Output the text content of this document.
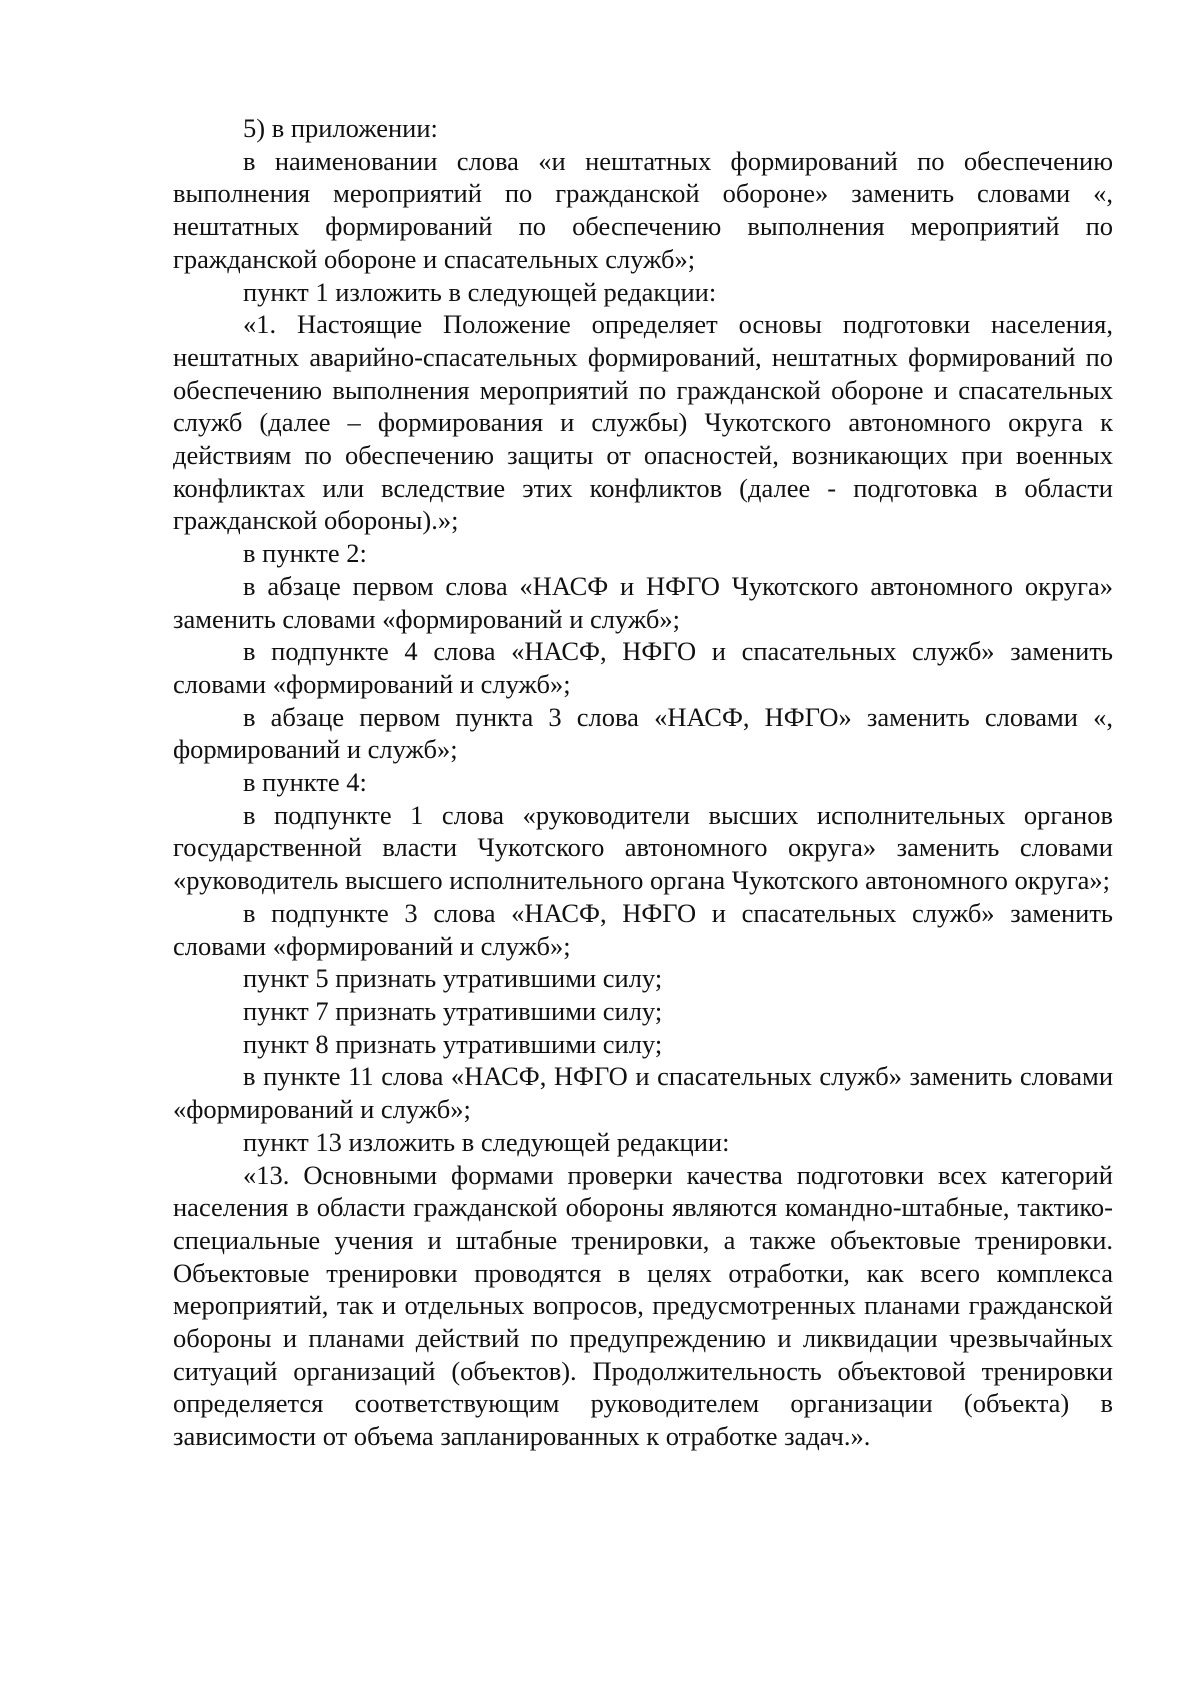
5) в приложении:

в наименовании слова «и нештатных формирований по обеспечению выполнения мероприятий по гражданской обороне» заменить словами «, нештатных формирований по обеспечению выполнения мероприятий по гражданской обороне и спасательных служб»;

пункт 1 изложить в следующей редакции:

«1. Настоящие Положение определяет основы подготовки населения, нештатных аварийно-спасательных формирований, нештатных формирований по обеспечению выполнения мероприятий по гражданской обороне и спасательных служб (далее – формирования и службы) Чукотского автономного округа к действиям по обеспечению защиты от опасностей, возникающих при военных конфликтах или вследствие этих конфликтов (далее - подготовка в области гражданской обороны).»;

в пункте 2:

в абзаце первом слова «НАСФ и НФГО Чукотского автономного округа» заменить словами «формирований и служб»;

в подпункте 4 слова «НАСФ, НФГО и спасательных служб» заменить словами «формирований и служб»;

в абзаце первом пункта 3 слова «НАСФ, НФГО» заменить словами «, формирований и служб»;

в пункте 4:

в подпункте 1 слова «руководители высших исполнительных органов государственной власти Чукотского автономного округа» заменить словами «руководитель высшего исполнительного органа Чукотского автономного округа»;

в подпункте 3 слова «НАСФ, НФГО и спасательных служб» заменить словами «формирований и служб»;

пункт 5 признать утратившими силу;

пункт 7 признать утратившими силу;

пункт 8 признать утратившими силу;

в пункте 11 слова «НАСФ, НФГО и спасательных служб» заменить словами «формирований и служб»;

пункт 13 изложить в следующей редакции:

«13. Основными формами проверки качества подготовки всех категорий населения в области гражданской обороны являются командно-штабные, тактико-специальные учения и штабные тренировки, а также объектовые тренировки. Объектовые тренировки проводятся в целях отработки, как всего комплекса мероприятий, так и отдельных вопросов, предусмотренных планами гражданской обороны и планами действий по предупреждению и ликвидации чрезвычайных ситуаций организаций (объектов). Продолжительность объектовой тренировки определяется соответствующим руководителем организации (объекта) в зависимости от объема запланированных к отработке задач.».
